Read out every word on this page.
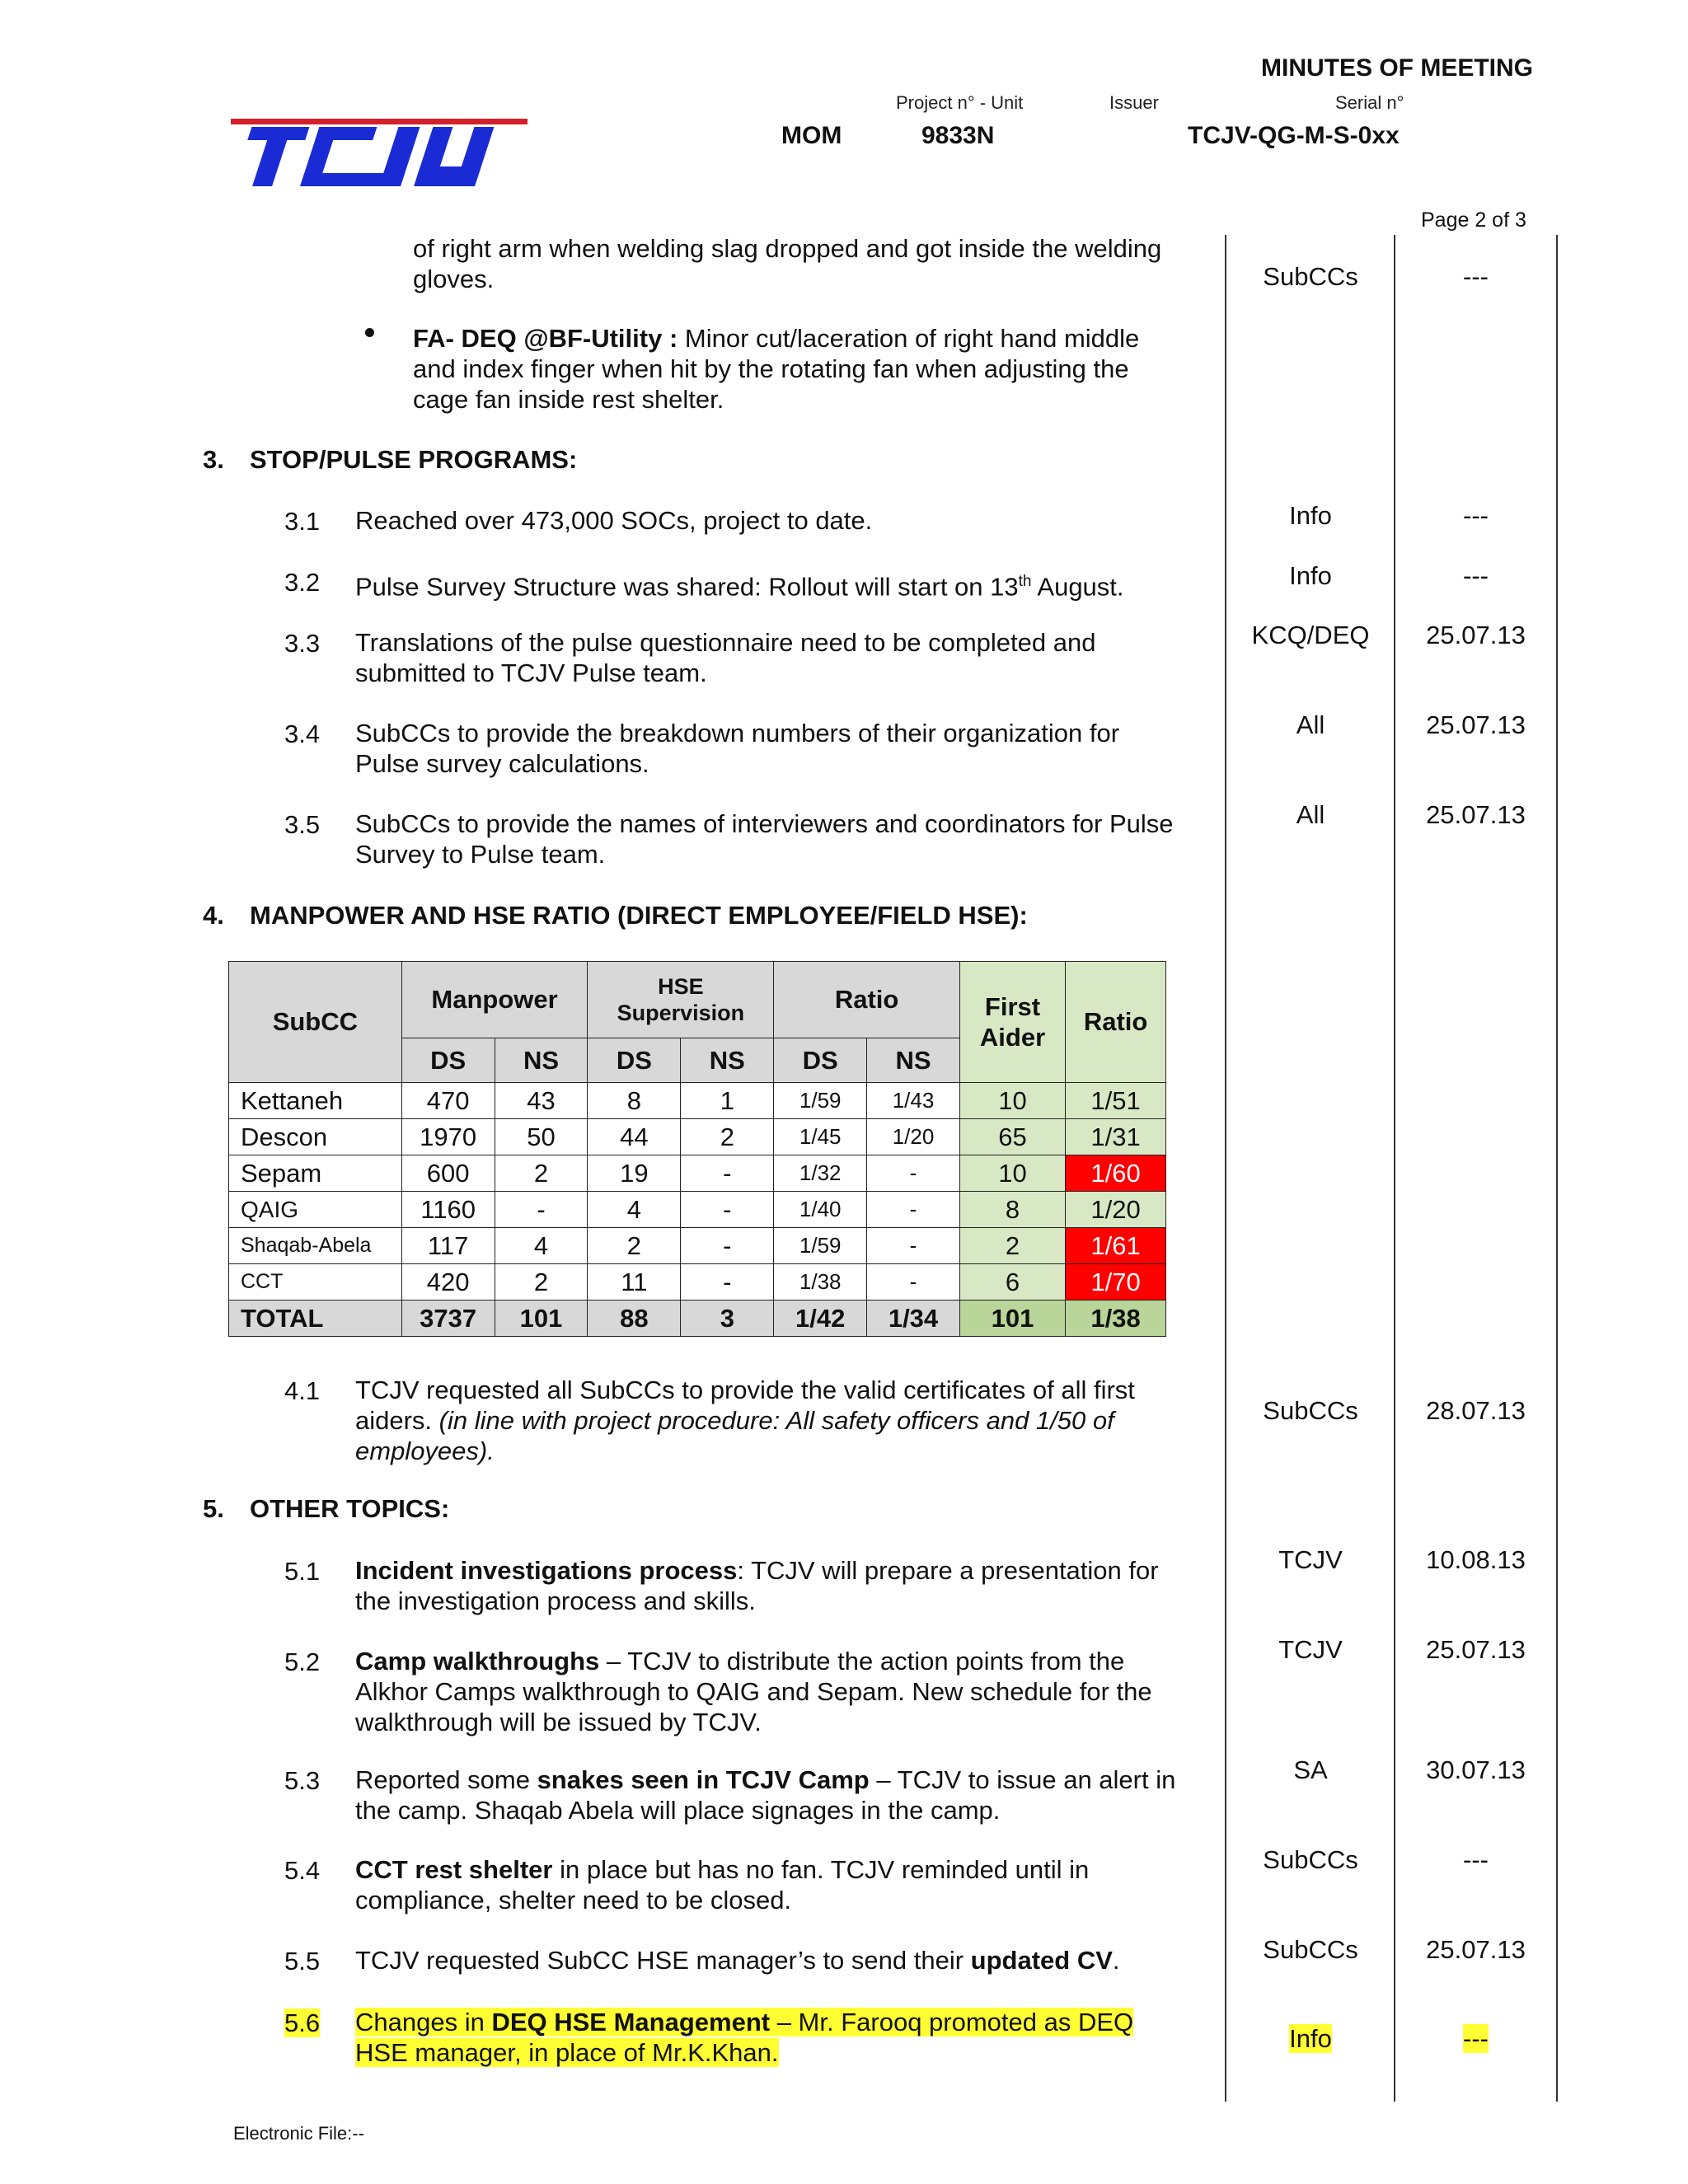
MINUTES OF MEETING
Project n° - Unit	Issuer	Serial n°
MOM	9833N	TCJV-QG-M-S-0xx
Page 2 of 3
of right arm when welding slag dropped and got inside the welding gloves.	SubCCs	---
FA- DEQ @BF-Utility : Minor cut/laceration of right hand middle and index finger when hit by the rotating fan when adjusting the cage fan inside rest shelter.
3. STOP/PULSE PROGRAMS:
3.1 Reached over 473,000 SOCs, project to date.	Info	---
3.2 Pulse Survey Structure was shared: Rollout will start on 13th August.	Info	---
3.3 Translations of the pulse questionnaire need to be completed and submitted to TCJV Pulse team.
KCQ/DEQ	25.07.13
3.4 SubCCs to provide the breakdown numbers of their organization for Pulse survey calculations.
All	25.07.13
3.5 SubCCs to provide the names of interviewers and coordinators for Pulse Survey to Pulse team.
All	25.07.13
4. MANPOWER AND HSE RATIO (DIRECT EMPLOYEE/FIELD HSE):
SubCC	Manpower		HSE Supervision		Ratio		First Aider	Ratio
	DS	NS	DS	NS	DS	NS		
Kettaneh	470	43	8	1	1/59	1/43	10	1/51
Descon	1970	50	44	2	1/45	1/20	65	1/31
Sepam	600	2	19	-	1/32	-	10	1/60
QAIG	1160	-	4	-	1/40	-	8	1/20
Shaqab-Abela	117	4	2	-	1/59	-	2	1/61
CCT	420	2	11	-	1/38	-	6	1/70
TOTAL	3737	101	88	3	1/42	1/34	101	1/38
4.1 TCJV requested all SubCCs to provide the valid certificates of all first aiders. (in line with project procedure: All safety officers and 1/50 of employees).
SubCCs	28.07.13
5. OTHER TOPICS:
5.1 Incident investigations process: TCJV will prepare a presentation for the investigation process and skills.
TCJV	10.08.13
5.2 Camp walkthroughs – TCJV to distribute the action points from the Alkhor Camps walkthrough to QAIG and Sepam. New schedule for the walkthrough will be issued by TCJV.
TCJV	25.07.13
5.3 Reported some snakes seen in TCJV Camp – TCJV to issue an alert in the camp. Shaqab Abela will place signages in the camp.
SA	30.07.13
5.4 CCT rest shelter in place but has no fan. TCJV reminded until in compliance, shelter need to be closed.
SubCCs	---
5.5 TCJV requested SubCC HSE manager’s to send their updated CV.	SubCCs	25.07.13
5.6 Changes in DEQ HSE Management – Mr. Farooq promoted as DEQ HSE manager, in place of Mr.K.Khan.	Info	---
Electronic File:--
